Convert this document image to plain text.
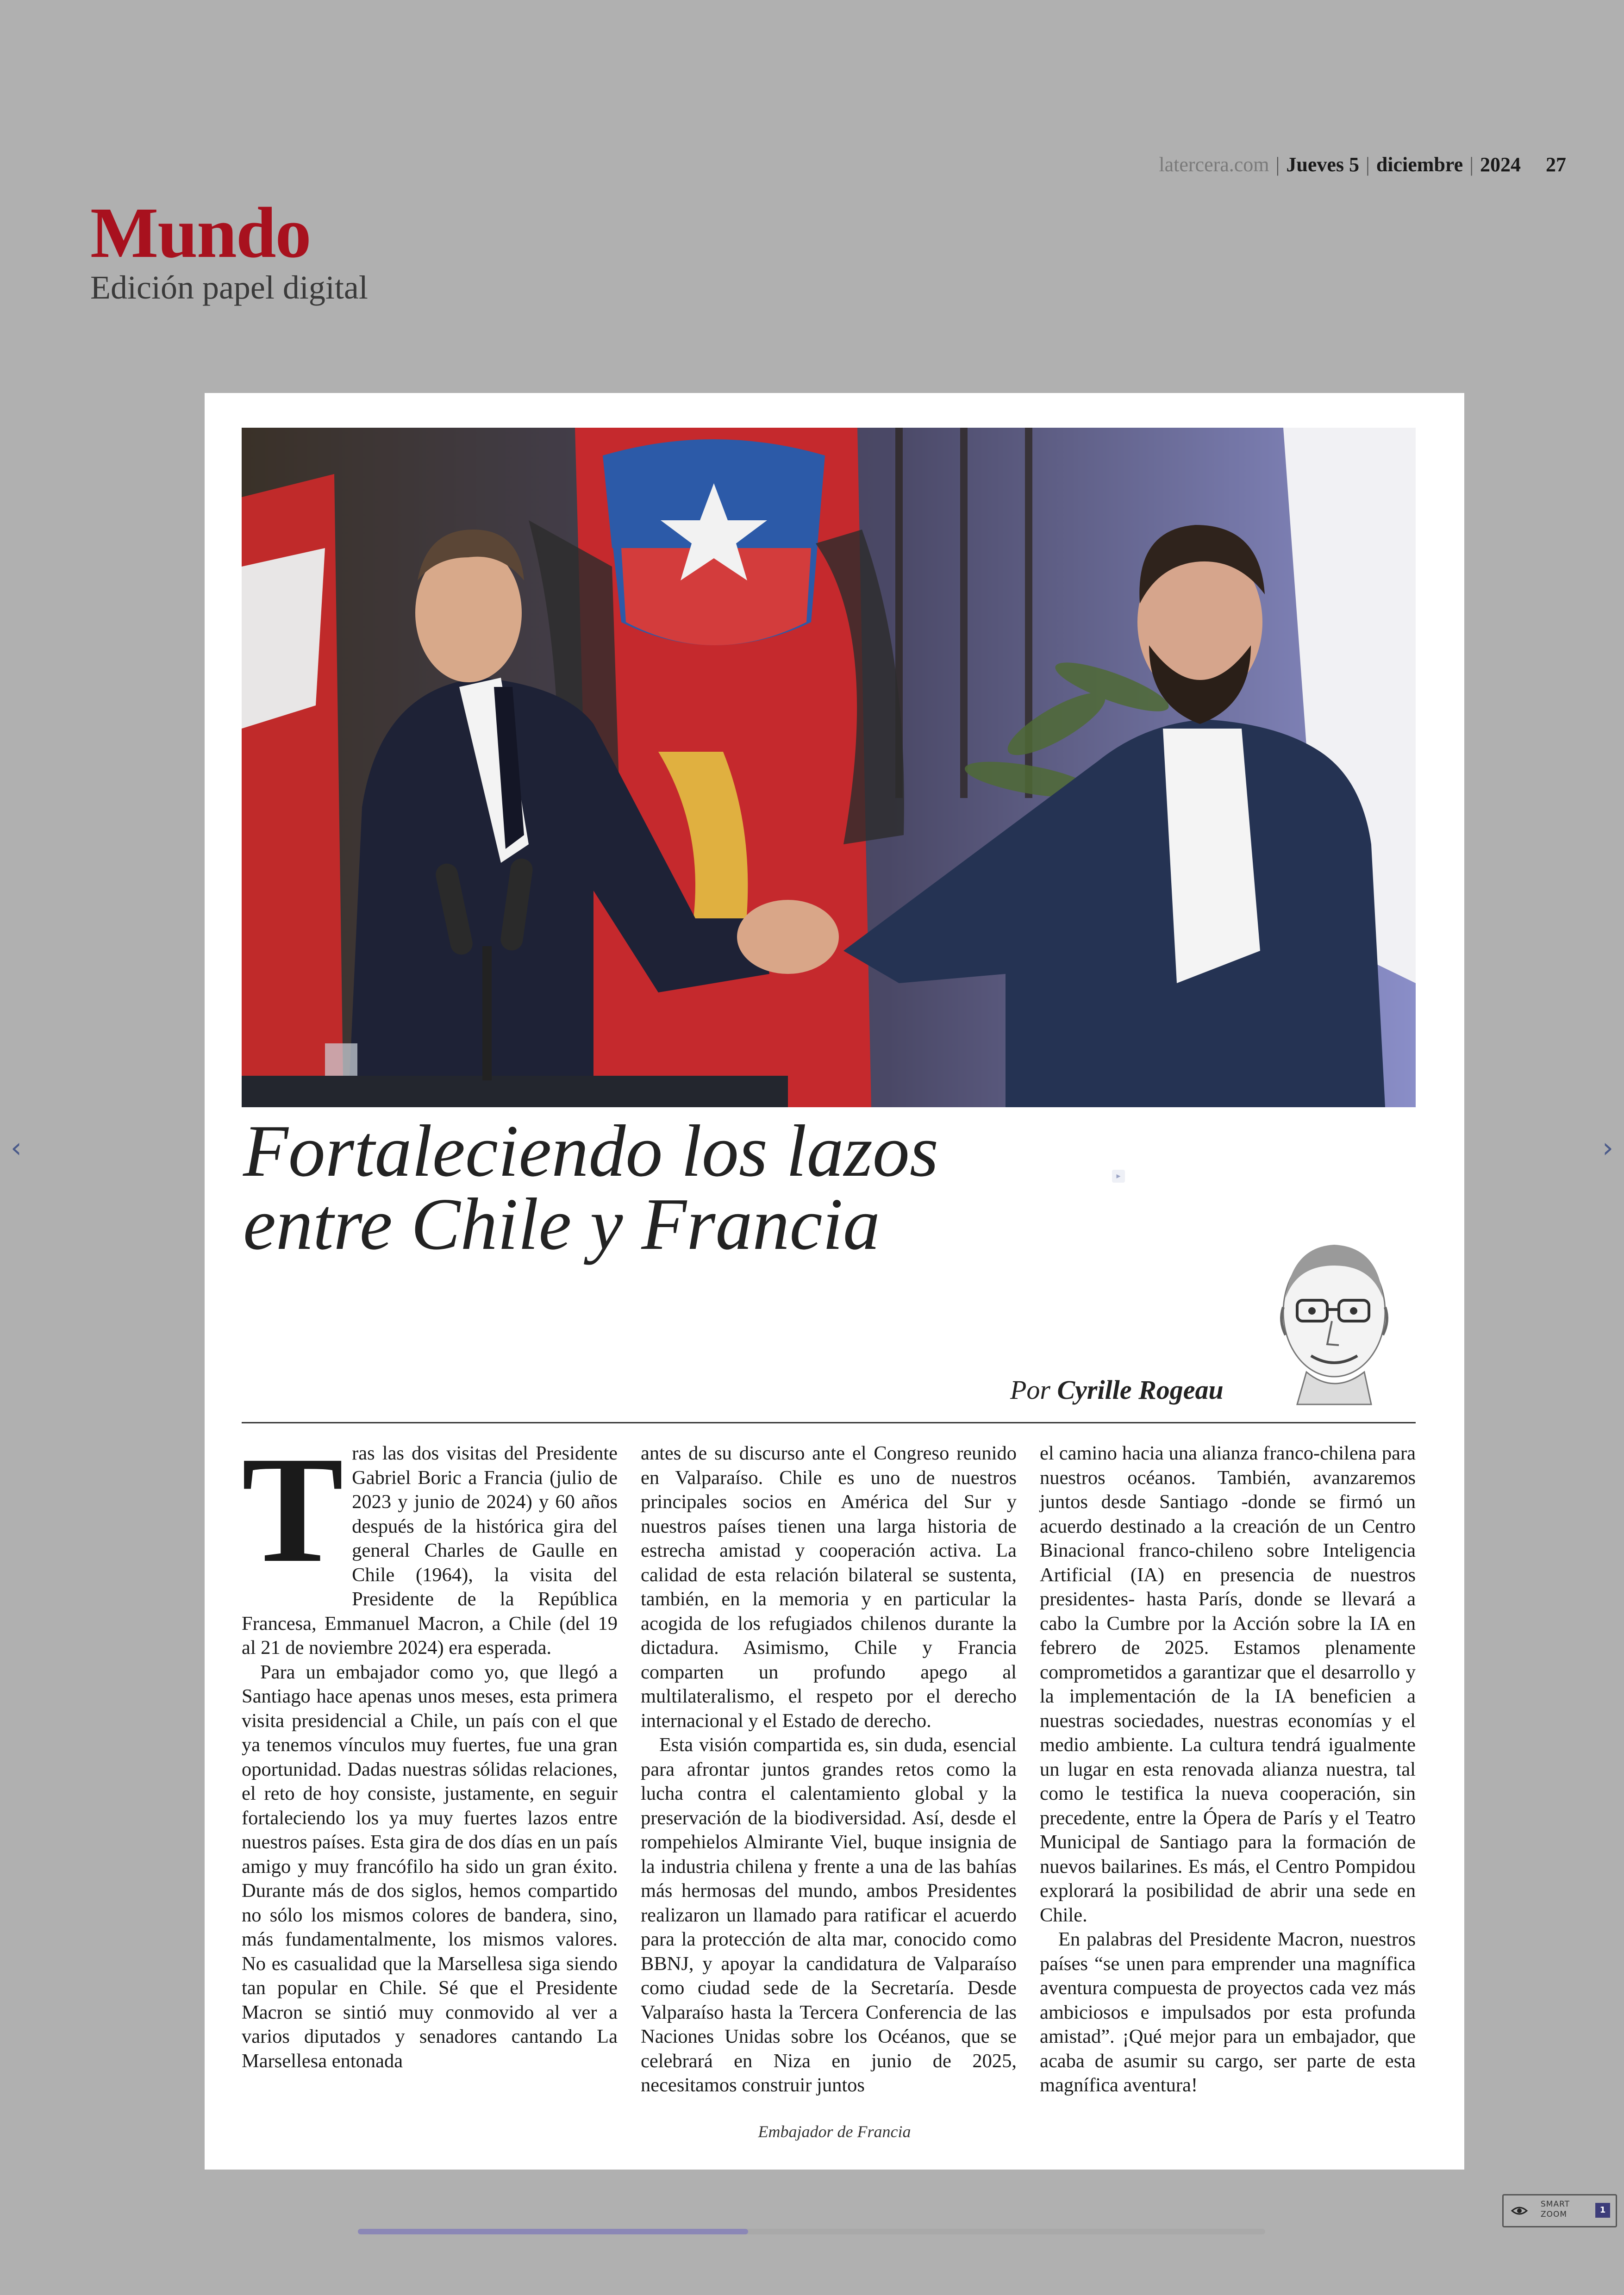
latercera.com | Jueves 5 | diciembre | 2024 27
Mundo
Edición papel digital
‹	›
Fortaleciendo los lazos
entre Chile y Francia
▸
Por Cyrille Rogeau
T ras las dos visitas del Presidente Gabriel Boric a Francia (julio de 2023 y junio de 2024) y 60 años después de la histórica gira del general Charles de Gaulle en Chile (1964), la visita del Presidente de la República Francesa, Emmanuel Macron, a Chile (del 19 al 21 de noviembre 2024) era esperada.

Para un embajador como yo, que llegó a Santiago hace apenas unos meses, esta primera visita presidencial a Chile, un país con el que ya tenemos vínculos muy fuertes, fue una gran oportunidad. Dadas nuestras sólidas relaciones, el reto de hoy consiste, justamente, en seguir fortaleciendo los ya muy fuertes lazos entre nuestros países. Esta gira de dos días en un país amigo y muy francófilo ha sido un gran éxito. Durante más de dos siglos, hemos compartido no sólo los mismos colores de bandera, sino, más fundamentalmente, los mismos valores. No es casualidad que la Marsellesa siga siendo tan popular en Chile. Sé que el Presidente Macron se sintió muy conmovido al ver a varios diputados y senadores cantando La Marsellesa entonada

antes de su discurso ante el Congreso reunido en Valparaíso. Chile es uno de nuestros principales socios en América del Sur y nuestros países tienen una larga historia de estrecha amistad y cooperación activa. La calidad de esta relación bilateral se sustenta, también, en la memoria y en particular la acogida de los refugiados chilenos durante la dictadura. Asimismo, Chile y Francia comparten un profundo apego al multilateralismo, el respeto por el derecho internacional y el Estado de derecho.

Esta visión compartida es, sin duda, esencial para afrontar juntos grandes retos como la lucha contra el calentamiento global y la preservación de la biodiversidad. Así, desde el rompehielos Almirante Viel, buque insignia de la industria chilena y frente a una de las bahías más hermosas del mundo, ambos Presidentes realizaron un llamado para ratificar el acuerdo para la protección de alta mar, conocido como BBNJ, y apoyar la candidatura de Valparaíso como ciudad sede de la Secretaría. Desde Valparaíso hasta la Tercera Conferencia de las Naciones Unidas sobre los Océanos, que se celebrará en Niza en junio de 2025, necesitamos construir juntos

el camino hacia una alianza franco-chilena para nuestros océanos. También, avanzaremos juntos desde Santiago -donde se firmó un acuerdo destinado a la creación de un Centro Binacional franco-chileno sobre Inteligencia Artificial (IA) en presencia de nuestros presidentes- hasta París, donde se llevará a cabo la Cumbre por la Acción sobre la IA en febrero de 2025. Estamos plenamente comprometidos a garantizar que el desarrollo y la implementación de la IA beneficien a nuestras sociedades, nuestras economías y el medio ambiente. La cultura tendrá igualmente un lugar en esta renovada alianza nuestra, tal como le testifica la nueva cooperación, sin precedente, entre la Ópera de París y el Teatro Municipal de Santiago para la formación de nuevos bailarines. Es más, el Centro Pompidou explorará la posibilidad de abrir una sede en Chile.

En palabras del Presidente Macron, nuestros países “se unen para emprender una magnífica aventura compuesta de proyectos cada vez más ambiciosos e impulsados por esta profunda amistad”. ¡Qué mejor para un embajador, que acaba de asumir su cargo, ser parte de esta magnífica aventura!

Embajador de Francia
SMART
ZOOM	1
